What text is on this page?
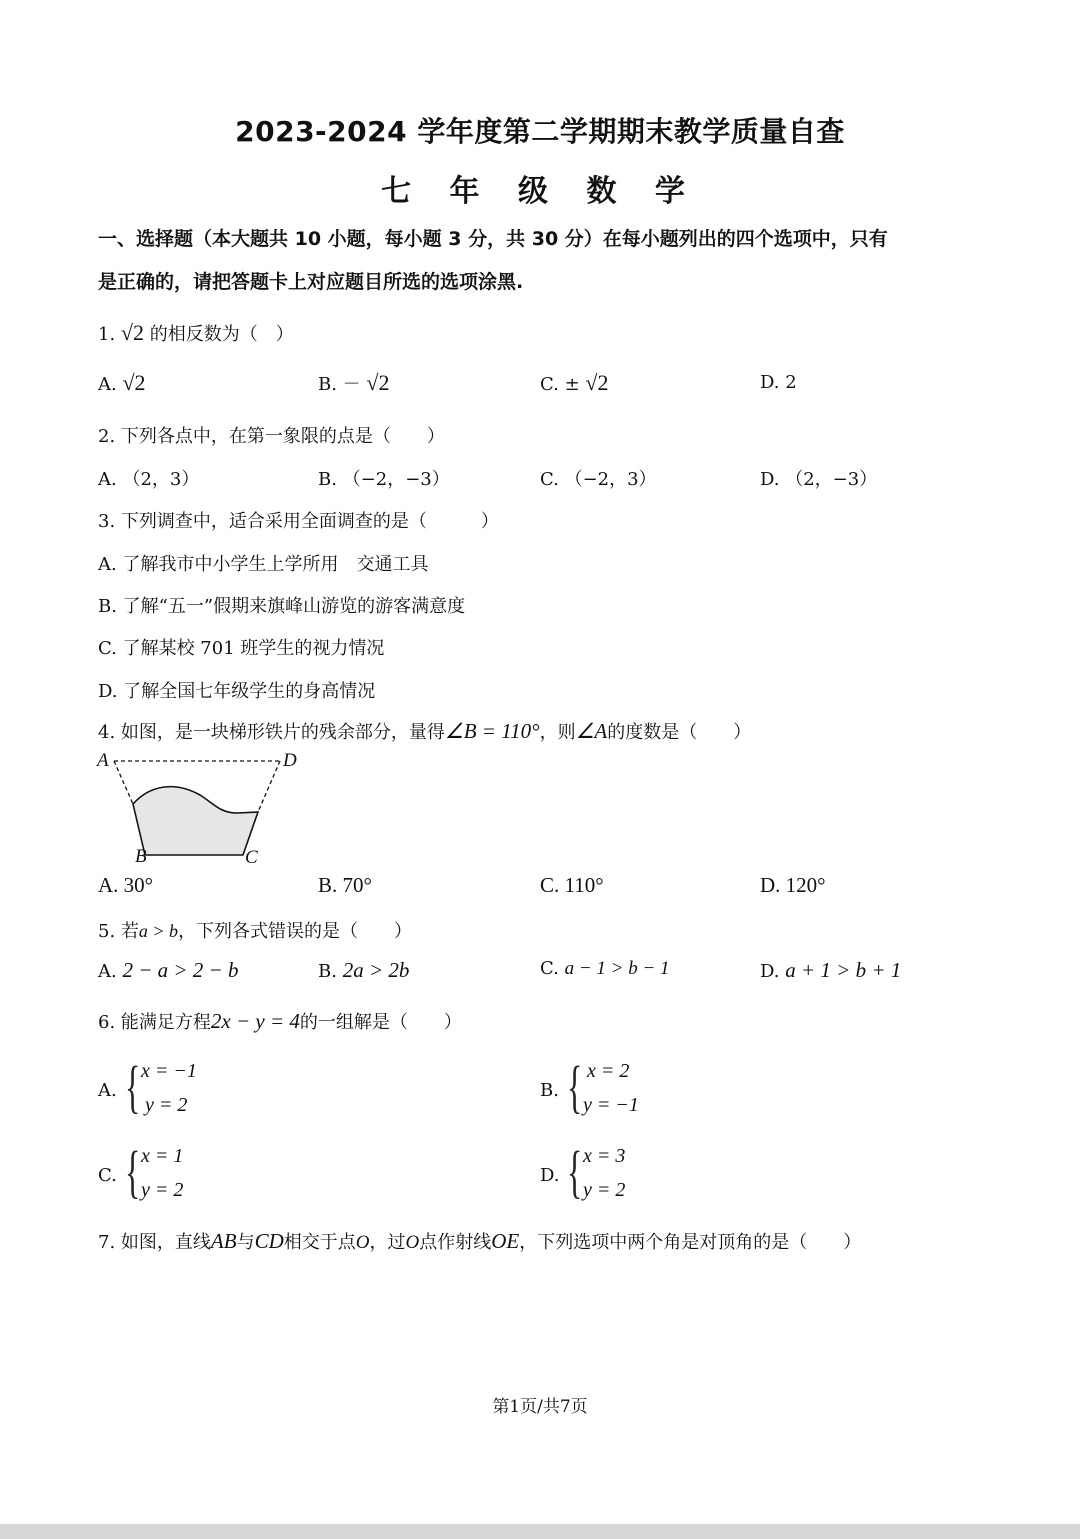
2023-2024 学年度第二学期期末教学质量自查
七 年 级 数 学
一、选择题（本大题共 10 小题，每小题 3 分，共 30 分）在每小题列出的四个选项中，只有
是正确的，请把答题卡上对应题目所选的选项涂黑.
1. √2 的相反数为（　）
A. √2	B. － √2	C. ± √2	D. 2
2. 下列各点中，在第一象限的点是（　　）
A. （2，3）	B. （−2，−3）	C. （−2，3）	D. （2，−3）
3. 下列调查中，适合采用全面调查的是（　　　）
A. 了解我市中小学生上学所用　交通工具
B. 了解“五一”假期来旗峰山游览的游客满意度
C. 了解某校 701 班学生的视力情况
D. 了解全国七年级学生的身高情况
4. 如图，是一块梯形铁片的残余部分，量得∠B = 110°，则∠A的度数是（　　）
A	D
B	C
A. 30°	B. 70°	C. 110°	D. 120°
5. 若a > b，下列各式错误的是（　　）
A. 2 − a > 2 − b	B. 2a > 2b	C. a − 1 > b − 1	D. a + 1 > b + 1
6. 能满足方程2x − y = 4的一组解是（　　）
A. { x = −1
y = 2
B. { x = 2
y = −1
C. { x = 1
y = 2
D. { x = 3
y = 2
7. 如图，直线AB与CD相交于点O，过O点作射线OE，下列选项中两个角是对顶角的是（　　）
第1页/共7页
